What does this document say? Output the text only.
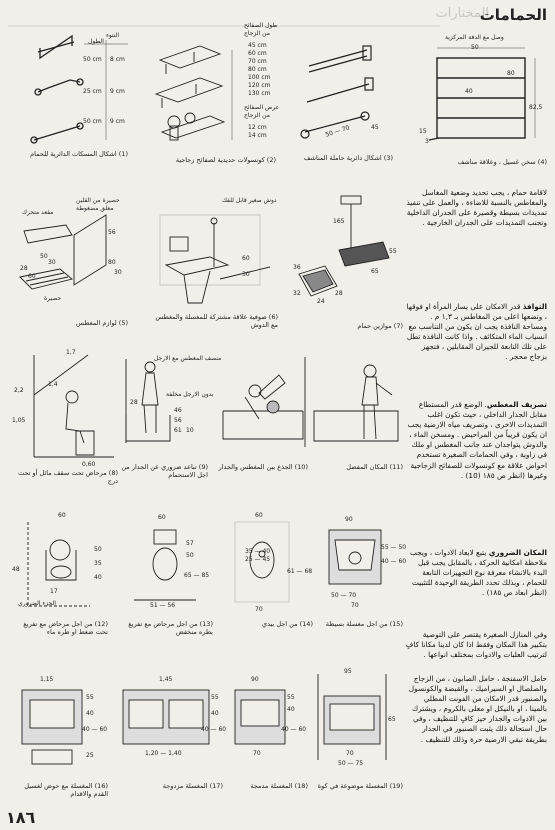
المختارات
الحمامات
النتوء
الطول
50 cm 8 cm
25 cm 9 cm
50 cm 9 cm
(1) اشكال المسكات الدائرية للحمام
طول الصفائح
من الزجاج
45 cm
60 cm
70 cm
80 cm
100 cm
120 cm
130 cm
عرض الصفائح
من الزجاج
12 cm
14 cm
(2) كونسولات حديدية لصفائح زجاجية
50 — 70	45
(3) اشكال دائرية حاملة المناشف
وصل مع الدفة المركزية
50
80
82,5
40
15
3
(4) سخن غسيل ، وعلاقة مناشف
حصيرة من القلين
مقعد متحرك
معلق مضغوطة
حصيرة
56
80
30
50
28
60
30
(5) لوازم المغطس
دوش صغير قابل للفك
60
30
(6) صوفية علاقة مشتركة للمغسلة والمغطس مع الدوش
165
65
55
36
32
24
28
(7) موازين حمام
لاقامة حمام ، يجب تحديد وضعية المغاسل والمغاطس بالنسبة للاضاءة ، والعمل على تنفيذ تمديدات بسيطة وقصيرة على الجدران الداخلية وتجنب التمديدات على الجدران الخارجية .
التوافذ قدر الامكان على يسار المرأة او فوقها ، وتضعها اعلى من المغاطس بـ ١,٣ م . ومساحة النافذة يجب ان يكون من التناسب مع انسياب الماء المتكاثف . واذا كانت النافذة تطل على تلك التابعة للجيران المقابلين ، فتجهز بزجاج محجر .
1,7
2,2
1,05
0,60
1,4
(8) مرحاض تحت سقف مائل أو تحت درج
منصف المغطس مع الارجل
بدون الارجل مخلفة
46
28
56
61 10
(9) تباعد ضروري عن الجدار من اجل الاستحمام
(10) الجذع بين المغطس والجدار	(11) المكان المفضل
تصريف المغطس. الوضع قدر المستطاع مقابل الجدار الداخلي ، حيث تكون اغلب التمديدات الاخرى ، وتصريف مياه الارضية يجب ان يكون قريباً من المراحيض . ومسخن الماء ، والدوش يتواجدان عند جانب المغطس او ملك في زاوية ، وفي الحمامات الصغيرة تستخدم احواض علاقة مع كونسولات للصفائح الزجاجية وغيرها (انظر ص ١٨٥ (10) .
60
50
48
17
35
40
الجزء الضروري
(12) من اجل مرحاض مع تفريغ تحت ضغط او طره ماء
60
57
50
65 — 85
51 — 56
(13) من اجل مرحاض مع تفريغ بطره منخفض
60
35 — 40
25 — 45
61 — 68
70
(14) من اجل بيدي
90
55 — 50
40 — 60
50 — 70
70
(15) من اجل مغسلة بسيطة
المكان الضروري يتبع لابعاد الادوات ، ويجب ملاحظة امكانية الحركة ، بالمقابل يجب قبل البدء بالانشاء معرفة نوع التجهيزات التابعة للحمام ، وبذلك تحدد الطريقة الوحيدة للتثبيت (انظر ابعاد ص ١٨٥) .
وفي المنازل الصغيرة يقتصر على التوصية بتكبير هذا المكان وفقط اذا كان لدينا مكانا كافٍ لترتيب العلبات والادوات بمختلف انواعها .
1,15
55
40
40 — 60
25
(16) المغسلة مع حوض لغسيل القدم والاقدام
1,45
1,20 — 1,40
55
40
40 — 60
(17) المغسلة مزدوجة
90
70
40
55
40 — 60
(18) المغسلة مدمجة
95
50 — 75
70
65
(19) المغسلة موضوعة في كوة
حامل الاسفنجة ، حامل الصابون ، من الزجاج والصلصال او السيراميك ، والقبضة والكونسول والصنبور قدر الامكان من الفونت المطلي بالمينا ، او بالنيكل او معلى بالكروم ، ويشترك بين الادوات والجدار حيز كافٍ للتنظيف ، وفي حال استحالة ذلك يثبت الصنبور في الجدار بطريقة تبقي الارضية حرة وذلك للتنظيف .
١٨٦
